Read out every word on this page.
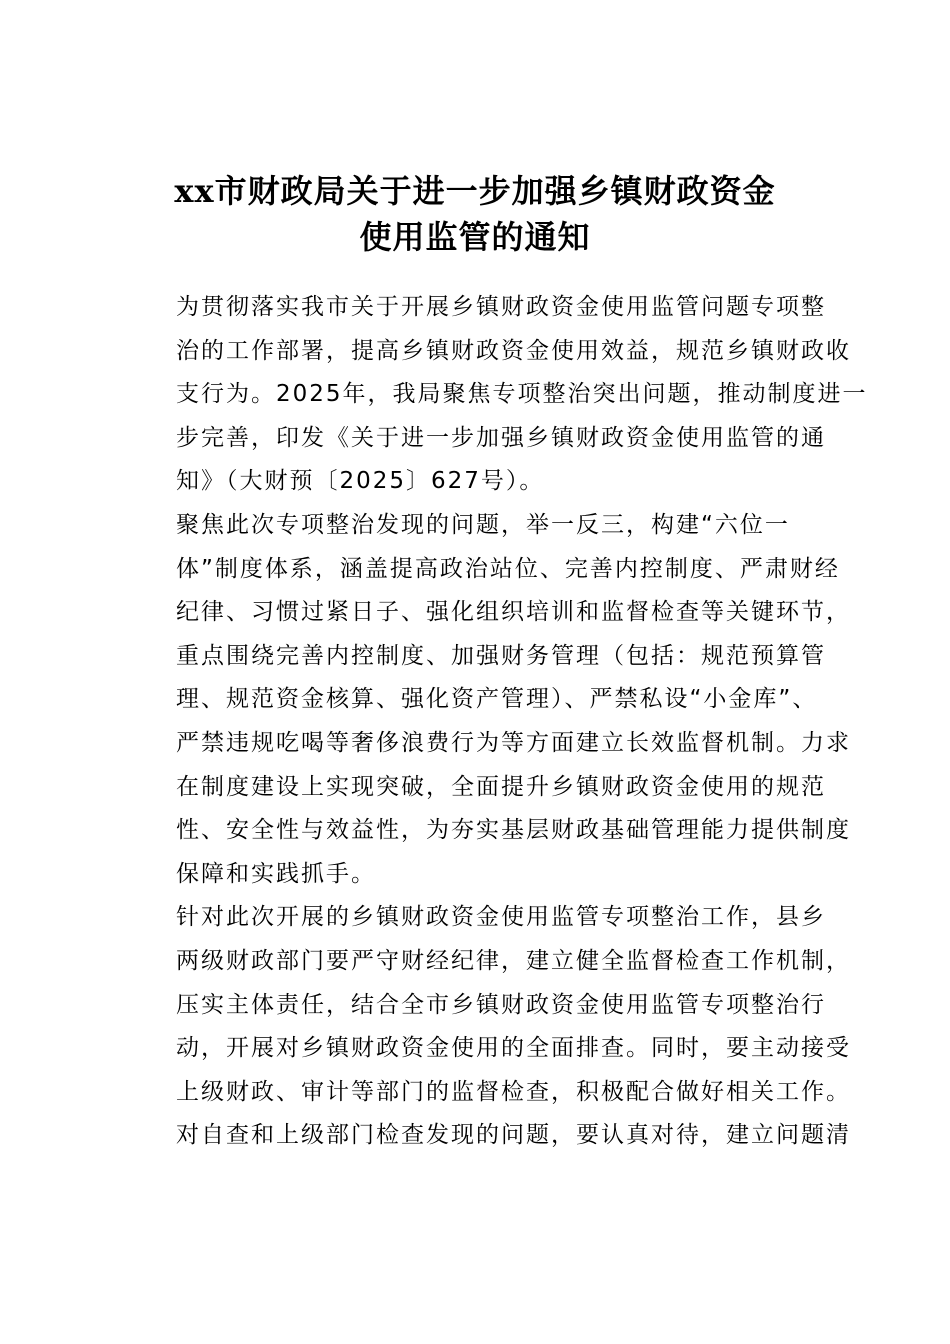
xx市财政局关于进一步加强乡镇财政资金
使用监管的通知

为贯彻落实我市关于开展乡镇财政资金使用监管问题专项整
治的工作部署，提高乡镇财政资金使用效益，规范乡镇财政收
支行为。2025年，我局聚焦专项整治突出问题，推动制度进一
步完善，印发《关于进一步加强乡镇财政资金使用监管的通
知》（大财预〔2025〕627号）。

聚焦此次专项整治发现的问题，举一反三，构建“六位一
体”制度体系，涵盖提高政治站位、完善内控制度、严肃财经
纪律、习惯过紧日子、强化组织培训和监督检查等关键环节，
重点围绕完善内控制度、加强财务管理（包括：规范预算管
理、规范资金核算、强化资产管理）、严禁私设“小金库”、
严禁违规吃喝等奢侈浪费行为等方面建立长效监督机制。力求
在制度建设上实现突破，全面提升乡镇财政资金使用的规范
性、安全性与效益性，为夯实基层财政基础管理能力提供制度
保障和实践抓手。

针对此次开展的乡镇财政资金使用监管专项整治工作，县乡
两级财政部门要严守财经纪律，建立健全监督检查工作机制，
压实主体责任，结合全市乡镇财政资金使用监管专项整治行
动，开展对乡镇财政资金使用的全面排查。同时，要主动接受
上级财政、审计等部门的监督检查，积极配合做好相关工作。
对自查和上级部门检查发现的问题，要认真对待，建立问题清
